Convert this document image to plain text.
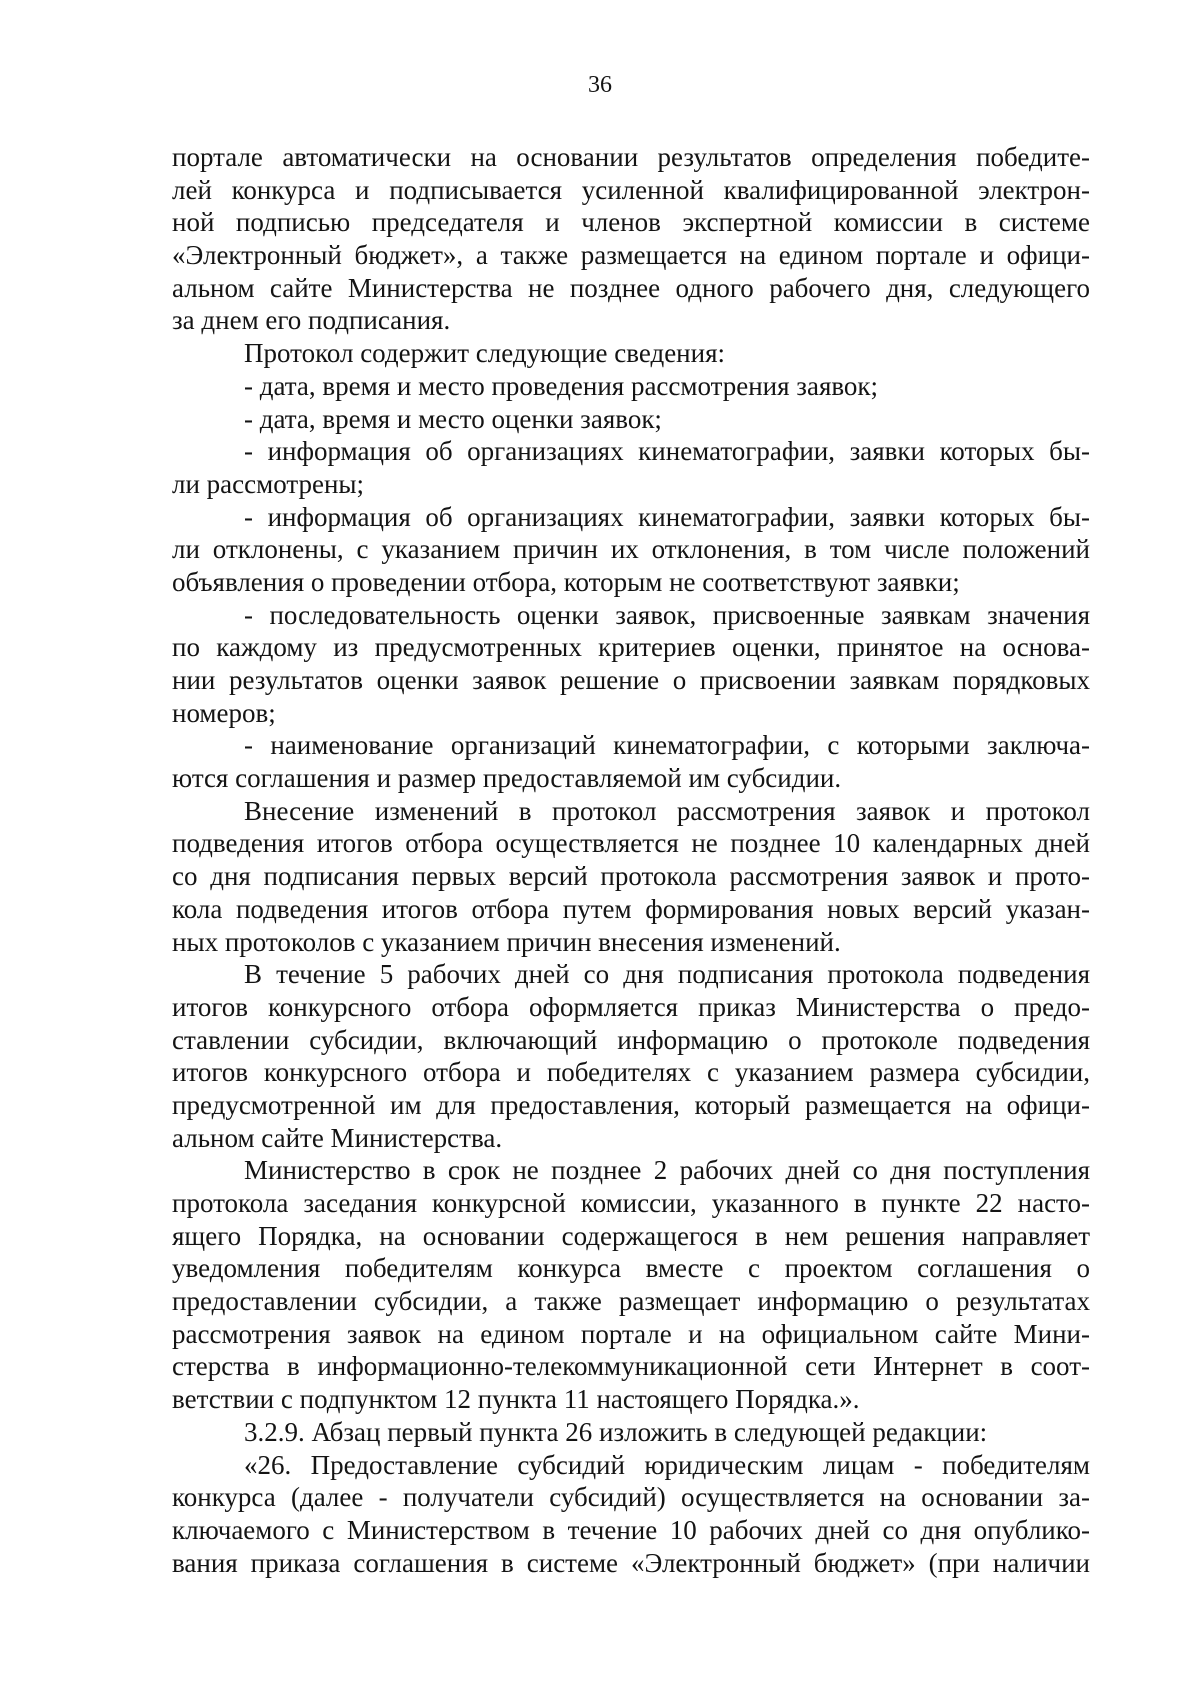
36
портале автоматически на основании результатов определения победите-
лей конкурса и подписывается усиленной квалифицированной электрон-
ной подписью председателя и членов экспертной комиссии в системе
«Электронный бюджет», а также размещается на едином портале и офици-
альном сайте Министерства не позднее одного рабочего дня, следующего
за днем его подписания.
Протокол содержит следующие сведения:
- дата, время и место проведения рассмотрения заявок;
- дата, время и место оценки заявок;
- информация об организациях кинематографии, заявки которых бы-
ли рассмотрены;
- информация об организациях кинематографии, заявки которых бы-
ли отклонены, с указанием причин их отклонения, в том числе положений
объявления о проведении отбора, которым не соответствуют заявки;
- последовательность оценки заявок, присвоенные заявкам значения
по каждому из предусмотренных критериев оценки, принятое на основа-
нии результатов оценки заявок решение о присвоении заявкам порядковых
номеров;
- наименование организаций кинематографии, с которыми заключа-
ются соглашения и размер предоставляемой им субсидии.
Внесение изменений в протокол рассмотрения заявок и протокол
подведения итогов отбора осуществляется не позднее 10 календарных дней
со дня подписания первых версий протокола рассмотрения заявок и прото-
кола подведения итогов отбора путем формирования новых версий указан-
ных протоколов с указанием причин внесения изменений.
В течение 5 рабочих дней со дня подписания протокола подведения
итогов конкурсного отбора оформляется приказ Министерства о предо-
ставлении субсидии, включающий информацию о протоколе подведения
итогов конкурсного отбора и победителях с указанием размера субсидии,
предусмотренной им для предоставления, который размещается на офици-
альном сайте Министерства.
Министерство в срок не позднее 2 рабочих дней со дня поступления
протокола заседания конкурсной комиссии, указанного в пункте 22 насто-
ящего Порядка, на основании содержащегося в нем решения направляет
уведомления победителям конкурса вместе с проектом соглашения о
предоставлении субсидии, а также размещает информацию о результатах
рассмотрения заявок на едином портале и на официальном сайте Мини-
стерства в информационно-телекоммуникационной сети Интернет в соот-
ветствии с подпунктом 12 пункта 11 настоящего Порядка.».
3.2.9. Абзац первый пункта 26 изложить в следующей редакции:
«26. Предоставление субсидий юридическим лицам - победителям
конкурса (далее - получатели субсидий) осуществляется на основании за-
ключаемого с Министерством в течение 10 рабочих дней со дня опублико-
вания приказа соглашения в системе «Электронный бюджет» (при наличии
